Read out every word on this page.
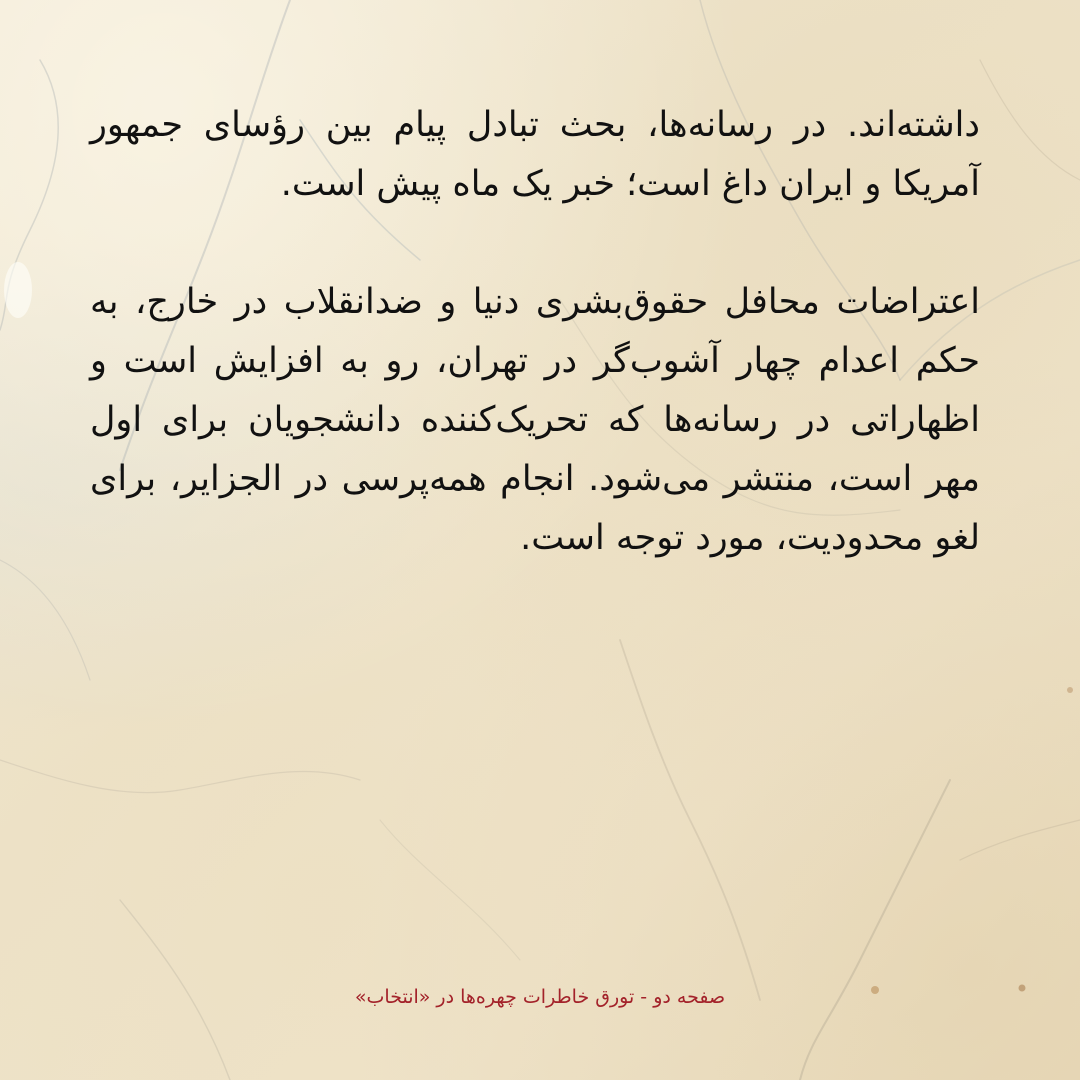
داشته‌اند. در رسانه‌ها، بحث تبادل پیام بین رؤسای جمهور آمریکا و ایران داغ است؛ خبر یک ماه پیش است.

اعتراضات محافل حقوق‌بشری دنیا و ضدانقلاب در خارج، به حکم اعدام چهار آشوب‌گر در تهران، رو به افزایش است و اظهاراتی در رسانه‌ها که تحریک‌کننده دانشجویان برای اول مهر است، منتشر می‌شود. انجام همه‌پرسی در الجزایر، برای لغو محدودیت، مورد توجه است.

صفحه دو - تورق خاطرات چهره‌ها در «انتخاب»
